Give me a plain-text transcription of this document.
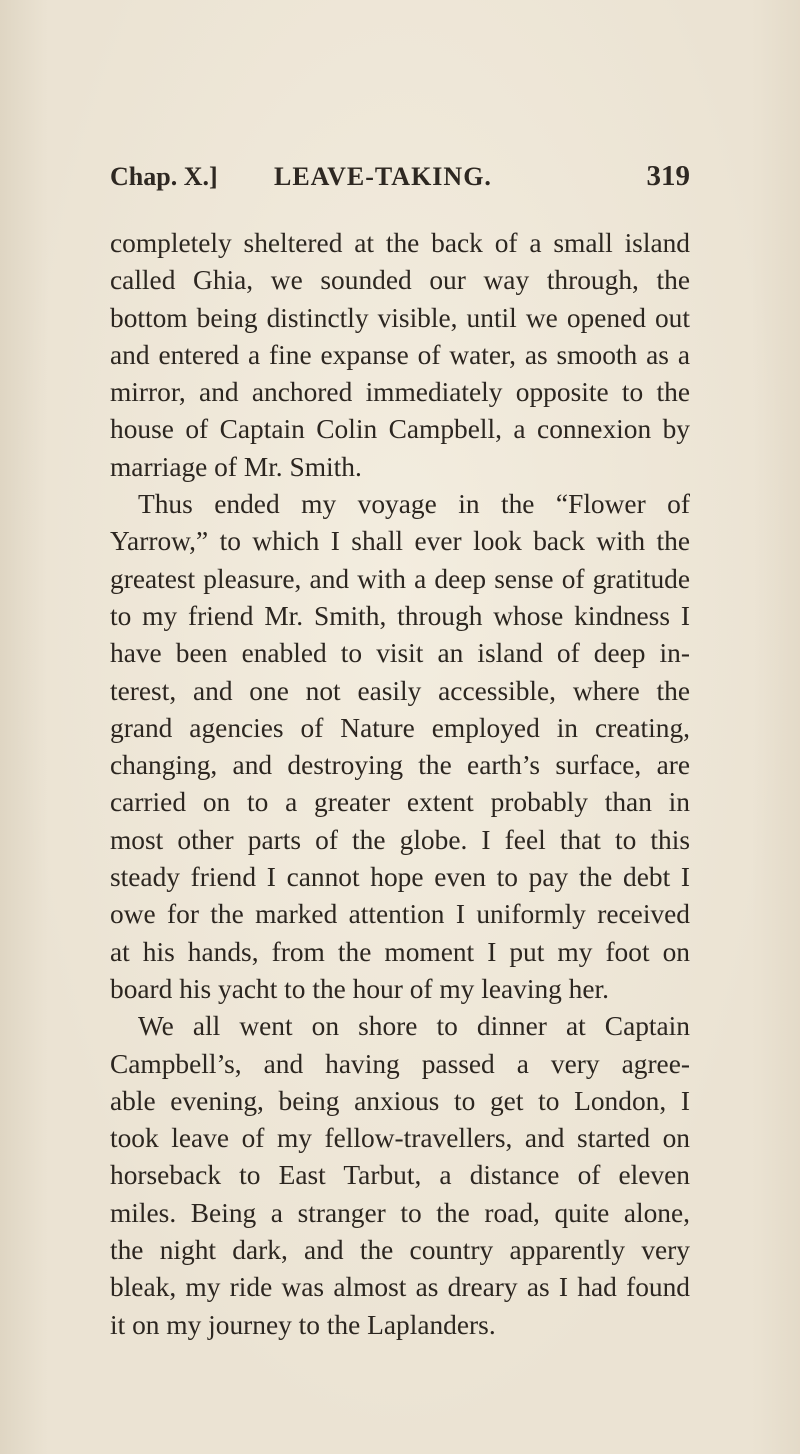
Chap. X.] LEAVE-TAKING.	319
completely sheltered at the back of a small island
called Ghia, we sounded our way through, the
bottom being distinctly visible, until we opened out
and entered a fine expanse of water, as smooth as a
mirror, and anchored immediately opposite to the
house of Captain Colin Campbell, a connexion by
marriage of Mr. Smith.
Thus ended my voyage in the “Flower of
Yarrow,” to which I shall ever look back with the
greatest pleasure, and with a deep sense of gratitude
to my friend Mr. Smith, through whose kindness I
have been enabled to visit an island of deep in-
terest, and one not easily accessible, where the
grand agencies of Nature employed in creating,
changing, and destroying the earth’s surface, are
carried on to a greater extent probably than in
most other parts of the globe. I feel that to this
steady friend I cannot hope even to pay the debt I
owe for the marked attention I uniformly received
at his hands, from the moment I put my foot on
board his yacht to the hour of my leaving her.
We all went on shore to dinner at Captain
Campbell’s, and having passed a very agree-
able evening, being anxious to get to London, I
took leave of my fellow-travellers, and started on
horseback to East Tarbut, a distance of eleven
miles. Being a stranger to the road, quite alone,
the night dark, and the country apparently very
bleak, my ride was almost as dreary as I had found
it on my journey to the Laplanders.
